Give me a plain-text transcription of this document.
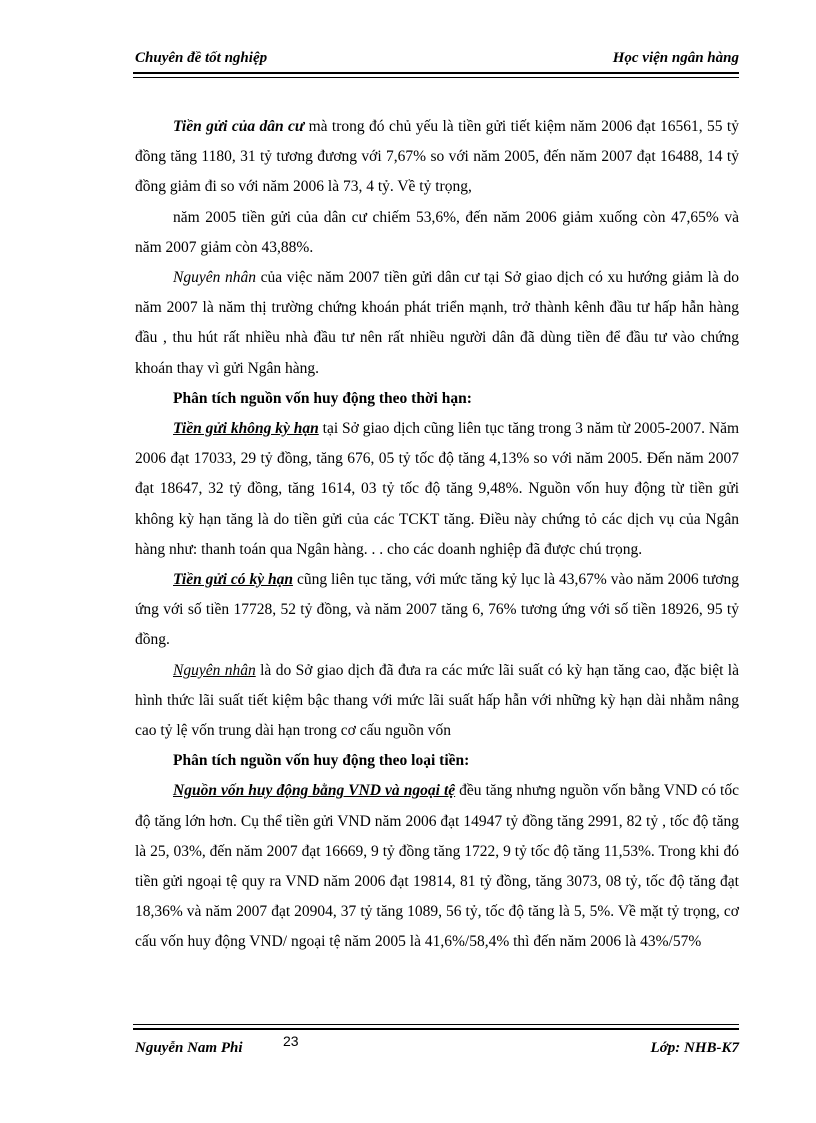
Chuyên đề tốt nghiệp	Học viện ngân hàng

Tiền gửi của dân cư mà trong đó chủ yếu là tiền gửi tiết kiệm năm 2006 đạt 16561, 55 tỷ đồng tăng 1180, 31 tỷ tương đương với 7,67% so với năm 2005, đến năm 2007 đạt 16488, 14 tỷ đồng giảm đi so với năm 2006 là 73, 4 tỷ. Về tỷ trọng,

năm 2005 tiền gửi của dân cư chiếm 53,6%, đến năm 2006 giảm xuống còn 47,65% và năm 2007 giảm còn 43,88%.

Nguyên nhân của việc năm 2007 tiền gửi dân cư tại Sở giao dịch có xu hướng giảm là do năm 2007 là năm thị trường chứng khoán phát triển mạnh, trở thành kênh đầu tư hấp hẫn hàng đầu , thu hút rất nhiều nhà đầu tư nên rất nhiều người dân đã dùng tiền để đầu tư vào chứng khoán thay vì gửi Ngân hàng.

Phân tích nguồn vốn huy động theo thời hạn:

Tiền gửi không kỳ hạn tại Sở giao dịch cũng liên tục tăng trong 3 năm từ 2005-2007. Năm 2006 đạt 17033, 29 tỷ đồng, tăng 676, 05 tỷ tốc độ tăng 4,13% so với năm 2005. Đến năm 2007 đạt 18647, 32 tỷ đồng, tăng 1614, 03 tỷ tốc độ tăng 9,48%. Nguồn vốn huy động từ tiền gửi không kỳ hạn tăng là do tiền gửi của các TCKT tăng. Điều này chứng tỏ các dịch vụ của Ngân hàng như: thanh toán qua Ngân hàng. . . cho các doanh nghiệp đã được chú trọng.

Tiền gửi có kỳ hạn cũng liên tục tăng, với mức tăng kỷ lục là 43,67% vào năm 2006 tương ứng với số tiền 17728, 52 tỷ đồng, và năm 2007 tăng 6, 76% tương ứng với số tiền 18926, 95 tỷ đồng.

Nguyên nhân là do Sở giao dịch đã đưa ra các mức lãi suất có kỳ hạn tăng cao, đặc biệt là hình thức lãi suất tiết kiệm bậc thang với mức lãi suất hấp hẫn với những kỳ hạn dài nhằm nâng cao tỷ lệ vốn trung dài hạn trong cơ cấu nguồn vốn

Phân tích nguồn vốn huy động theo loại tiền:

Nguồn vốn huy động bằng VND và ngoại tệ đều tăng nhưng nguồn vốn bằng VND có tốc độ tăng lớn hơn. Cụ thể tiền gửi VND năm 2006 đạt 14947 tỷ đồng tăng 2991, 82 tỷ , tốc độ tăng là 25, 03%, đến năm 2007 đạt 16669, 9 tỷ đồng tăng 1722, 9 tỷ tốc độ tăng 11,53%. Trong khi đó tiền gửi ngoại tệ quy ra VND năm 2006 đạt 19814, 81 tỷ đồng, tăng 3073, 08 tỷ, tốc độ tăng đạt 18,36% và năm 2007 đạt 20904, 37 tỷ tăng 1089, 56 tỷ, tốc độ tăng là 5, 5%. Về mặt tỷ trọng, cơ cấu vốn huy động VND/ ngoại tệ năm 2005 là 41,6%/58,4% thì đến năm 2006 là 43%/57%

Nguyễn Nam Phi	23	Lớp: NHB-K7
